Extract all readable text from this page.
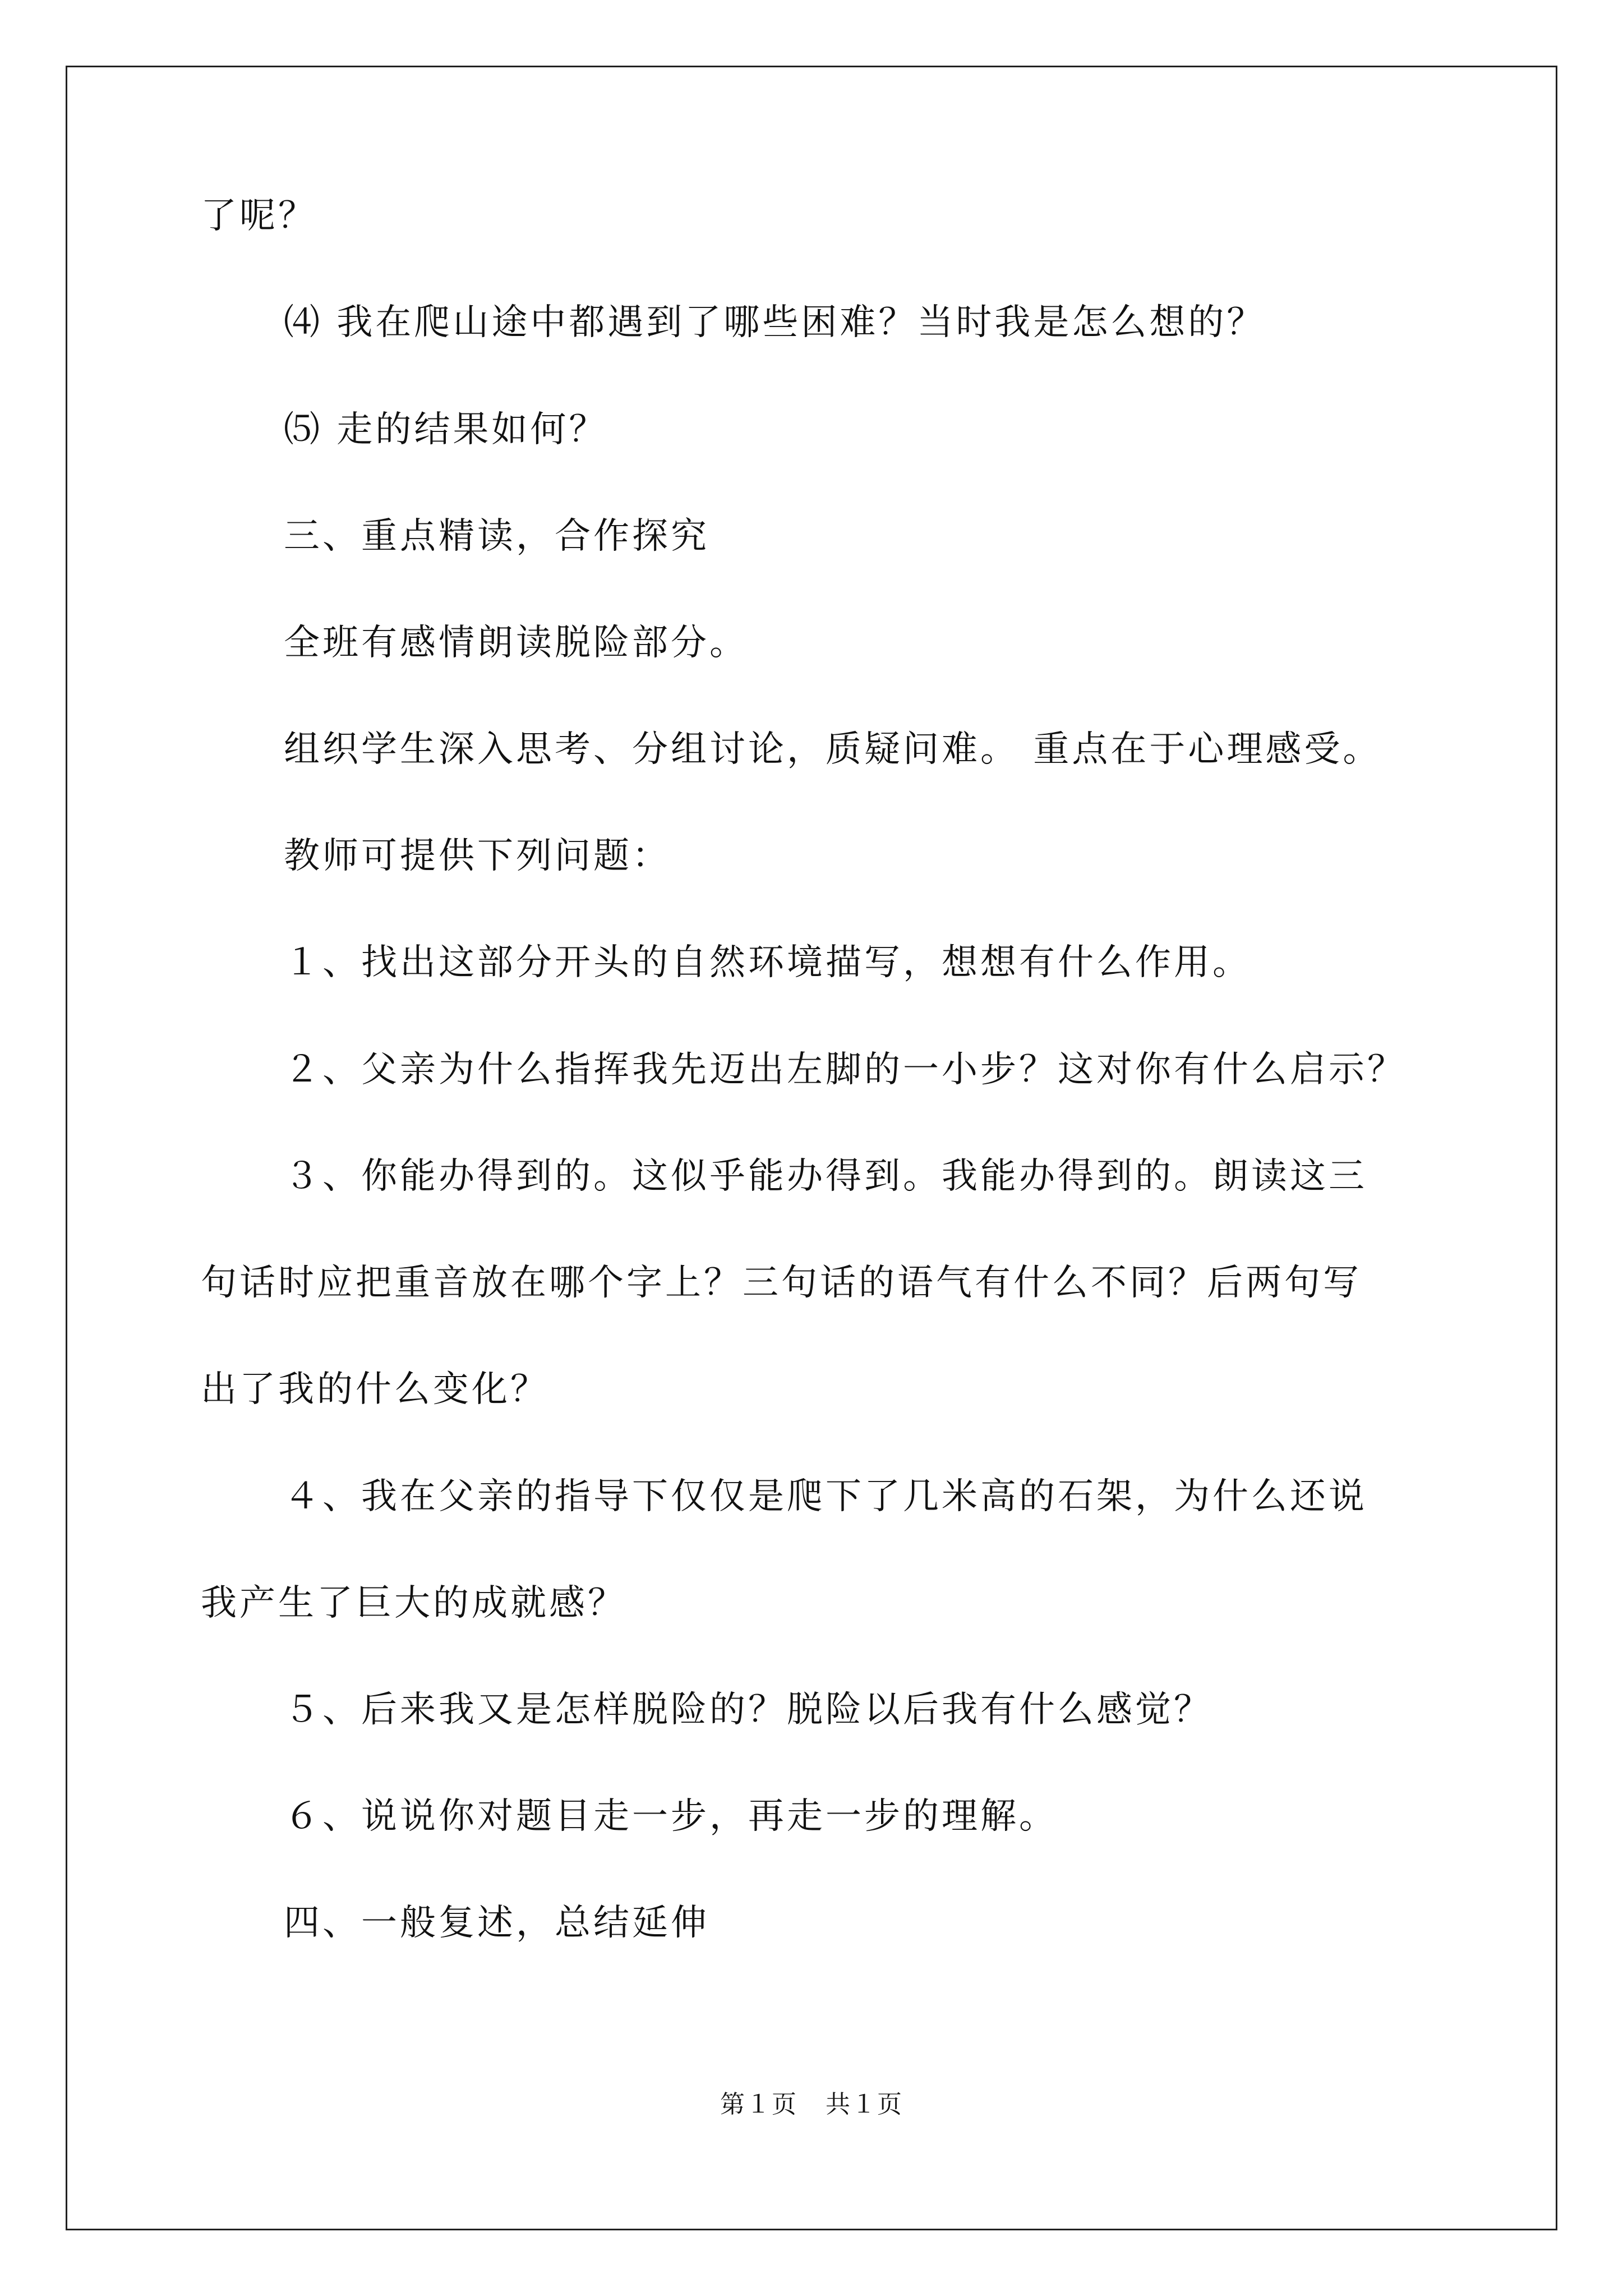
了呢？
⑷ 我在爬山途中都遇到了哪些困难？当时我是怎么想的？
⑸ 走的结果如何？
三、重点精读，合作探究
全班有感情朗读脱险部分。
组织学生深入思考、分组讨论，质疑问难。 重点在于心理感受。
教师可提供下列问题：
１、找出这部分开头的自然环境描写，想想有什么作用。
２、父亲为什么指挥我先迈出左脚的一小步？这对你有什么启示？
３、你能办得到的。这似乎能办得到。我能办得到的。朗读这三
句话时应把重音放在哪个字上？三句话的语气有什么不同？后两句写
出了我的什么变化？
４、我在父亲的指导下仅仅是爬下了几米高的石架，为什么还说
我产生了巨大的成就感？
５、后来我又是怎样脱险的？脱险以后我有什么感觉？
６、说说你对题目走一步，再走一步的理解。
四、一般复述，总结延伸
第１页 共１页
